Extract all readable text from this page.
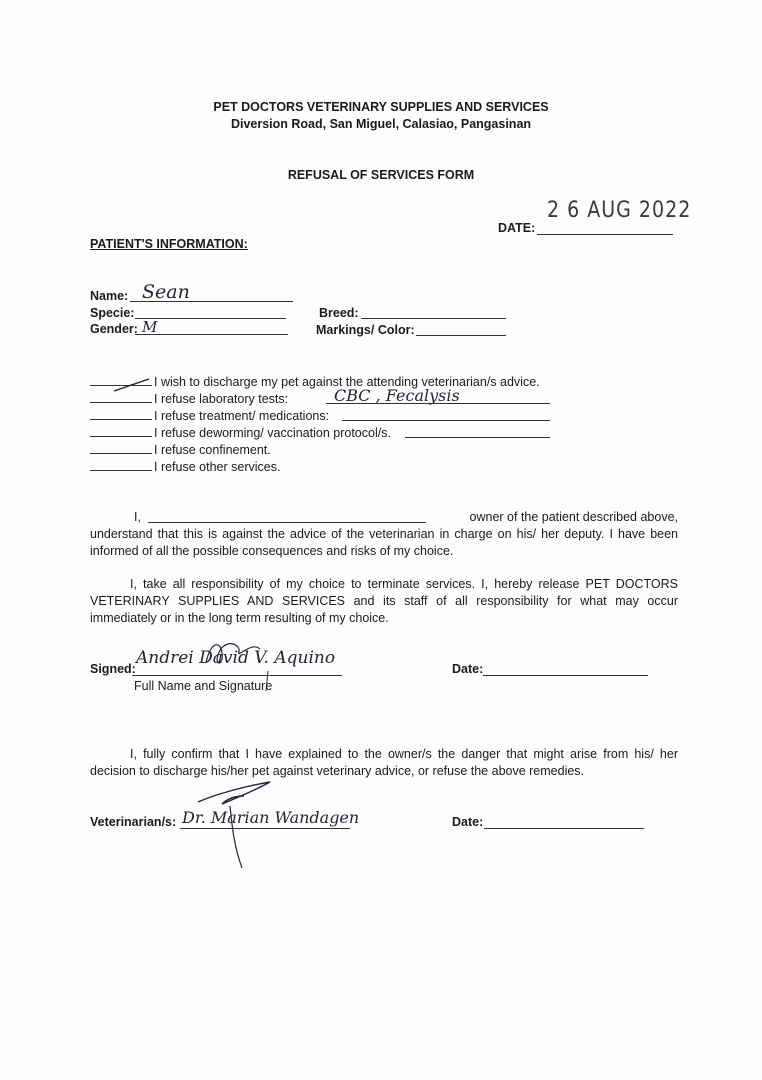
PET DOCTORS VETERINARY SUPPLIES AND SERVICES
Diversion Road, San Miguel, Calasiao, Pangasinan
REFUSAL OF SERVICES FORM
2 6 AUG 2022
DATE:
PATIENT'S INFORMATION:
Name: Sean
Specie:
Gender: M
Breed:
Markings/ Color:
I wish to discharge my pet against the attending veterinarian/s advice.
I refuse laboratory tests:	CBC , Fecalysis
I refuse treatment/ medications:
I refuse deworming/ vaccination protocol/s.
I refuse confinement.
I refuse other services.
I,	owner of the patient described above,
understand that this is against the advice of the veterinarian in charge on his/ her deputy. I have been informed of all the possible consequences and risks of my choice.
I, take all responsibility of my choice to terminate services. I, hereby release PET DOCTORS VETERINARY SUPPLIES AND SERVICES and its staff of all responsibility for what may occur immediately or in the long term resulting of my choice.
Signed:
Andrei David V. Aquino
Full Name and Signature
Date:
I, fully confirm that I have explained to the owner/s the danger that might arise from his/ her decision to discharge his/her pet against veterinary advice, or refuse the above remedies.
Veterinarian/s: Dr. Marian Wandagen	Date:
